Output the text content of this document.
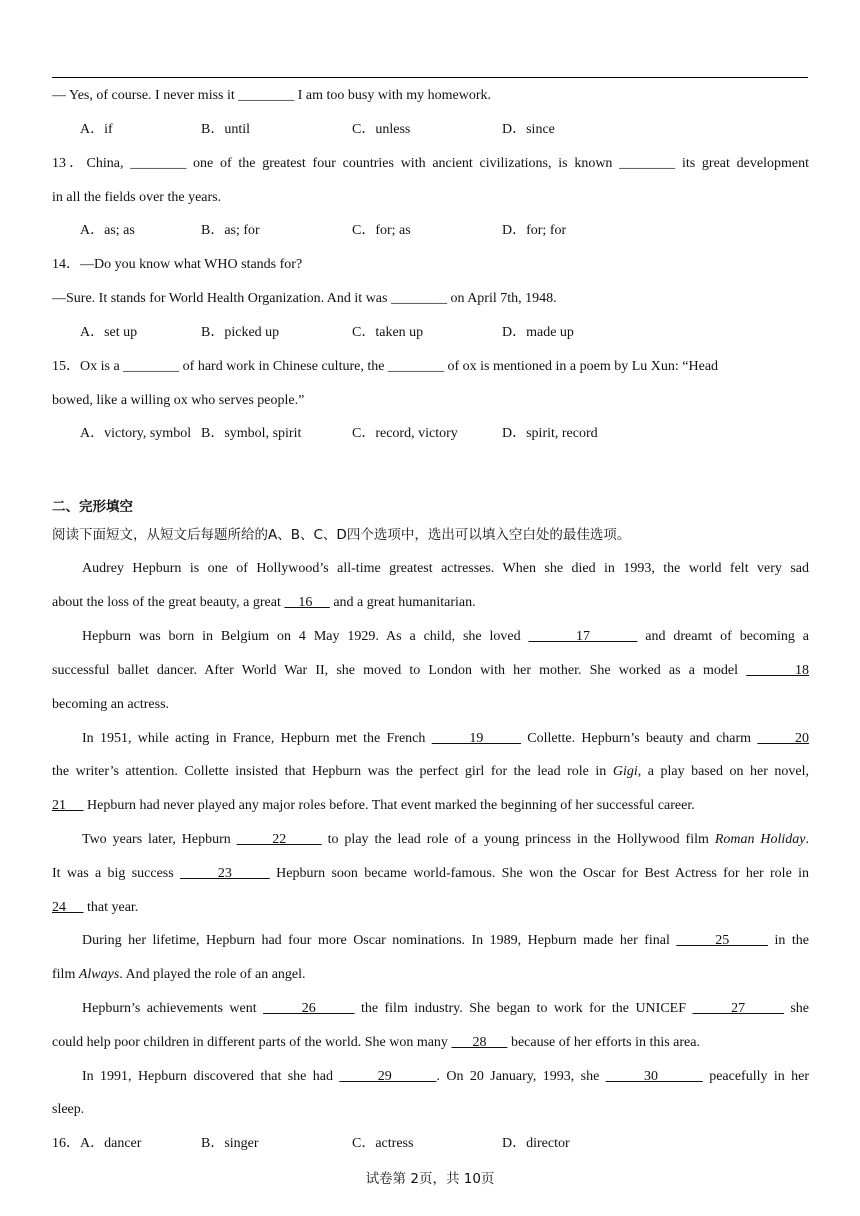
— Yes, of course. I never miss it ________ I am too busy with my homework.
A．if	B．until	C．unless	D．since
13．China, ________ one of the greatest four countries with ancient civilizations, is known ________ its great development
in all the fields over the years.
A．as; as	B．as; for	C．for; as	D．for; for
14．—Do you know what WHO stands for?
—Sure. It stands for World Health Organization. And it was ________ on April 7th, 1948.
A．set up	B．picked up	C．taken up	D．made up
15．Ox is a ________ of hard work in Chinese culture, the ________ of ox is mentioned in a poem by Lu Xun: “Head
bowed, like a willing ox who serves people.”
A．victory, symbol B．symbol, spirit	C．record, victory	D．spirit, record
二、完形填空
阅读下面短文，从短文后每题所给的A、B、C、D四个选项中，选出可以填入空白处的最佳选项。
Audrey Hepburn is one of Hollywood’s all-time greatest actresses. When she died in 1993, the world felt very sad
about the loss of the great beauty, a great     16      and a great humanitarian.
Hepburn was born in Belgium on 4 May 1929. As a child, she loved       17       and dreamt of becoming a
successful ballet dancer. After World War II, she moved to London with her mother. She worked as a model       18
becoming an actress.
In 1951, while acting in France, Hepburn met the French       19       Collette. Hepburn’s beauty and charm       20
the writer’s attention. Collette insisted that Hepburn was the perfect girl for the lead role in Gigi, a play based on her novel,
21      Hepburn had never played any major roles before. That event marked the beginning of her successful career.
Two years later, Hepburn       22       to play the lead role of a young princess in the Hollywood film Roman Holiday.
It was a big success       23       Hepburn soon became world-famous. She won the Oscar for Best Actress for her role in
24      that year.
During her lifetime, Hepburn had four more Oscar nominations. In 1989, Hepburn made her final       25       in the
film Always. And played the role of an angel.
Hepburn’s achievements went       26       the film industry. She began to work for the UNICEF       27       she
could help poor children in different parts of the world. She won many       28       because of her efforts in this area.
In 1991, Hepburn discovered that she had       29       . On 20 January, 1993, she       30        peacefully in her
sleep.
16．A．dancer	B．singer	C．actress	D．director
试卷第 2页，共 10页
